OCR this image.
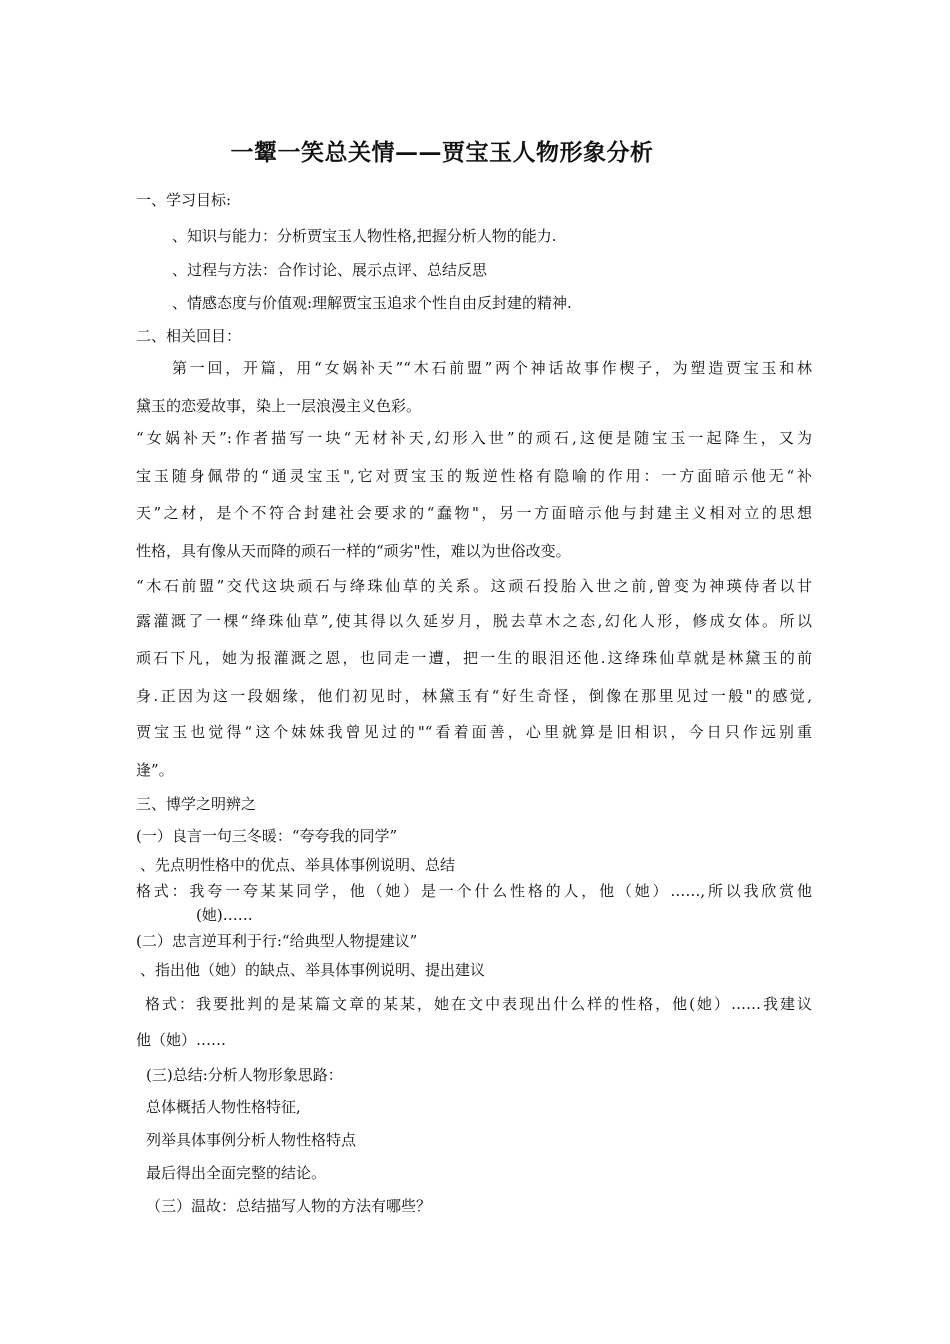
一颦一笑总关情——贾宝玉人物形象分析
一、学习目标:
、知识与能力：分析贾宝玉人物性格,把握分析人物的能力.
、过程与方法：合作讨论、展示点评、总结反思
、情感态度与价值观:理解贾宝玉追求个性自由反封建的精神.
二、相关回目：
第一回，开篇，用“女娲补天”“木石前盟”两个神话故事作楔子，为塑造贾宝玉和林
黛玉的恋爱故事，染上一层浪漫主义色彩。
“女娲补天”:作者描写一块“无材补天,幻形入世”的顽石,这便是随宝玉一起降生，又为
宝玉随身佩带的“通灵宝玉",它对贾宝玉的叛逆性格有隐喻的作用：一方面暗示他无“补
天”之材，是个不符合封建社会要求的“蠢物"，另一方面暗示他与封建主义相对立的思想
性格，具有像从天而降的顽石一样的“顽劣"性，难以为世俗改变。
“木石前盟”交代这块顽石与绛珠仙草的关系。这顽石投胎入世之前,曾变为神瑛侍者以甘
露灌溉了一棵“绛珠仙草”,使其得以久延岁月，脱去草木之态,幻化人形，修成女体。所以
顽石下凡，她为报灌溉之恩，也同走一遭，把一生的眼泪还他.这绛珠仙草就是林黛玉的前
身.正因为这一段姻缘，他们初见时，林黛玉有“好生奇怪，倒像在那里见过一般"的感觉,
贾宝玉也觉得“这个妹妹我曾见过的"“看着面善，心里就算是旧相识，今日只作远别重
逢”。
三、博学之明辨之
(一）良言一句三冬暖：“夸夸我的同学”
、先点明性格中的优点、举具体事例说明、总结
格式：我夸一夸某某同学，他（她）是一个什么性格的人，他（她）……,所以我欣赏他
(她)……
(二）忠言逆耳利于行:“给典型人物提建议”
、指出他（她）的缺点、举具体事例说明、提出建议
格式：我要批判的是某篇文章的某某，她在文中表现出什么样的性格，他(她）……我建议
他（她）……
(三)总结:分析人物形象思路：
总体概括人物性格特征,
列举具体事例分析人物性格特点
最后得出全面完整的结论。
（三）温故：总结描写人物的方法有哪些？
